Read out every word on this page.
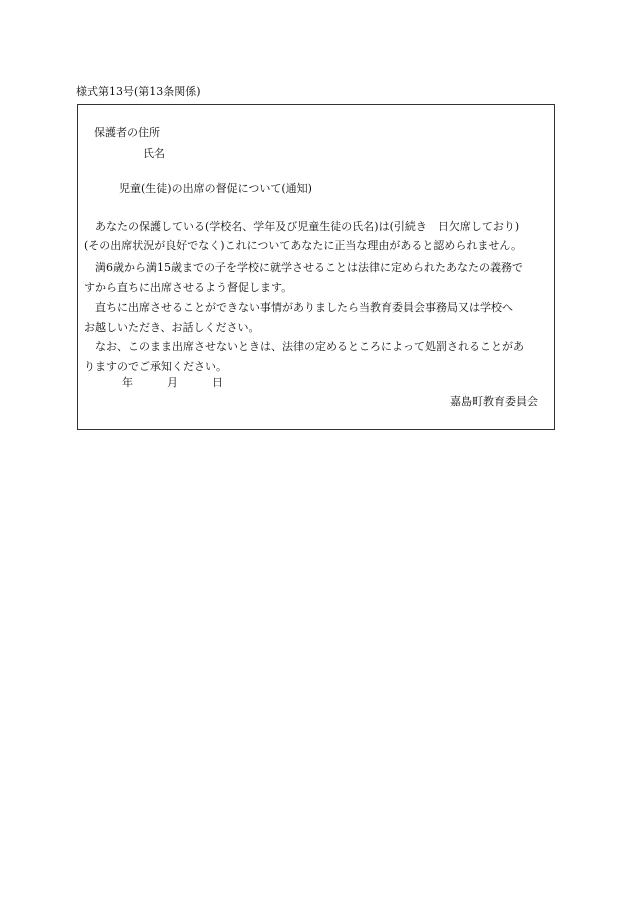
様式第13号(第13条関係)
保護者の住所
氏名
児童(生徒)の出席の督促について(通知)
　あなたの保護している(学校名、学年及び児童生徒の氏名)は(引続き　日欠席しており)
(その出席状況が良好でなく)これについてあなたに正当な理由があると認められません。
　満6歳から満15歳までの子を学校に就学させることは法律に定められたあなたの義務で
すから直ちに出席させるよう督促します。
　直ちに出席させることができない事情がありましたら当教育委員会事務局又は学校へ
お越しいただき、お話しください。
　なお、このまま出席させないときは、法律の定めるところによって処罰されることがあ
りますのでご承知ください。
年	月	日
嘉島町教育委員会
